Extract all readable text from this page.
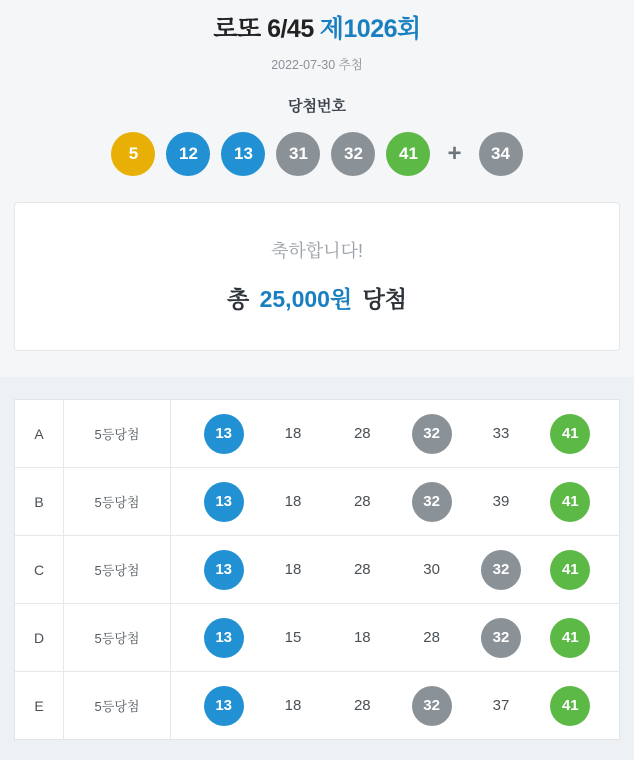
로또 6/45 제1026회
2022-07-30 추첨
당첨번호
5	12	13	31	32	41	+	34
축하합니다!
총 25,000원 당첨
A	5등당첨	13	18	28	32	33	41
B	5등당첨	13	18	28	32	39	41
C	5등당첨	13	18	28	30	32	41
D	5등당첨	13	15	18	28	32	41
E	5등당첨	13	18	28	32	37	41
